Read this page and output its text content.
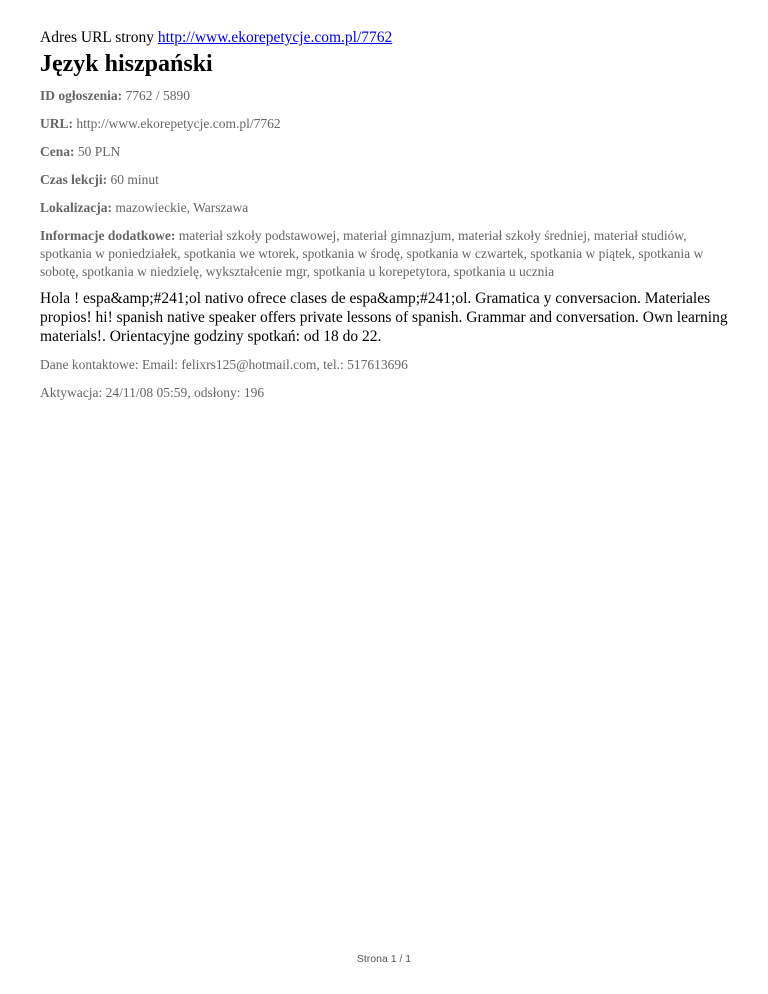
Adres URL strony http://www.ekorepetycje.com.pl/7762

Język hiszpański

ID ogłoszenia: 7762 / 5890

URL: http://www.ekorepetycje.com.pl/7762

Cena: 50 PLN

Czas lekcji: 60 minut

Lokalizacja: mazowieckie, Warszawa

Informacje dodatkowe: materiał szkoły podstawowej, materiał gimnazjum, materiał szkoły średniej, materiał studiów, spotkania w poniedziałek, spotkania we wtorek, spotkania w środę, spotkania w czwartek, spotkania w piątek, spotkania w sobotę, spotkania w niedzielę, wykształcenie mgr, spotkania u korepetytora, spotkania u ucznia

Hola ! espa&amp;#241;ol nativo ofrece clases de espa&amp;#241;ol. Gramatica y conversacion. Materiales propios! hi! spanish native speaker offers private lessons of spanish. Grammar and conversation. Own learning materials!. Orientacyjne godziny spotkań: od 18 do 22.

Dane kontaktowe: Email: felixrs125@hotmail.com, tel.: 517613696

Aktywacja: 24/11/08 05:59, odsłony: 196

Strona 1 / 1
